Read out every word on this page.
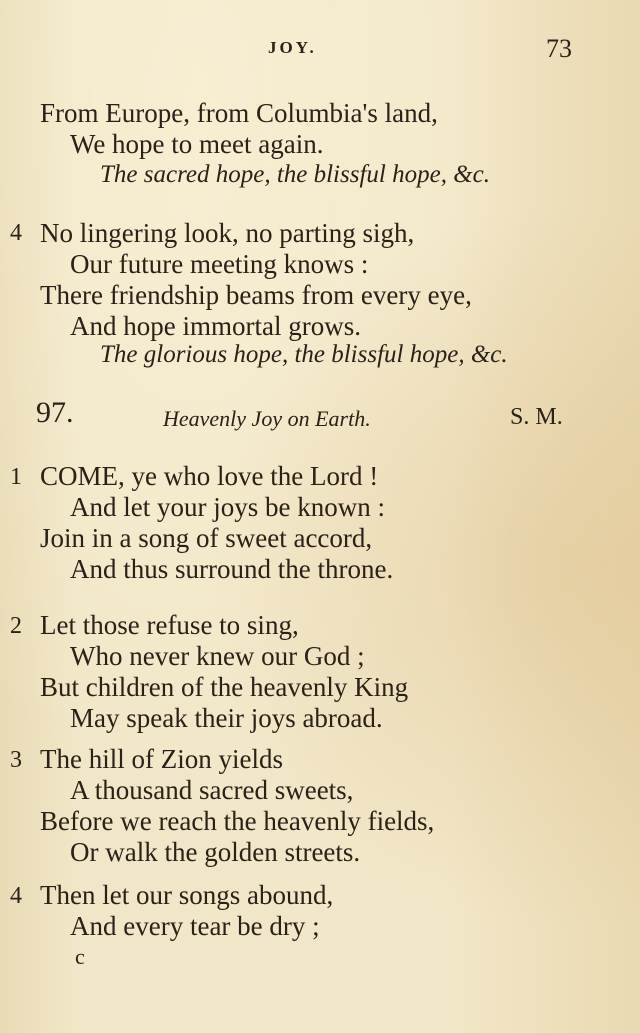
JOY.	73
From Europe, from Columbia's land,
We hope to meet again.
The sacred hope, the blissful hope, &c.
4 No lingering look, no parting sigh,
Our future meeting knows :
There friendship beams from every eye,
And hope immortal grows.
The glorious hope, the blissful hope, &c.
97.	Heavenly Joy on Earth.	S. M.
1 COME, ye who love the Lord !
And let your joys be known :
Join in a song of sweet accord,
And thus surround the throne.
2 Let those refuse to sing,
Who never knew our God ;
But children of the heavenly King
May speak their joys abroad.
3 The hill of Zion yields
A thousand sacred sweets,
Before we reach the heavenly fields,
Or walk the golden streets.
4 Then let our songs abound,
And every tear be dry ;
c
